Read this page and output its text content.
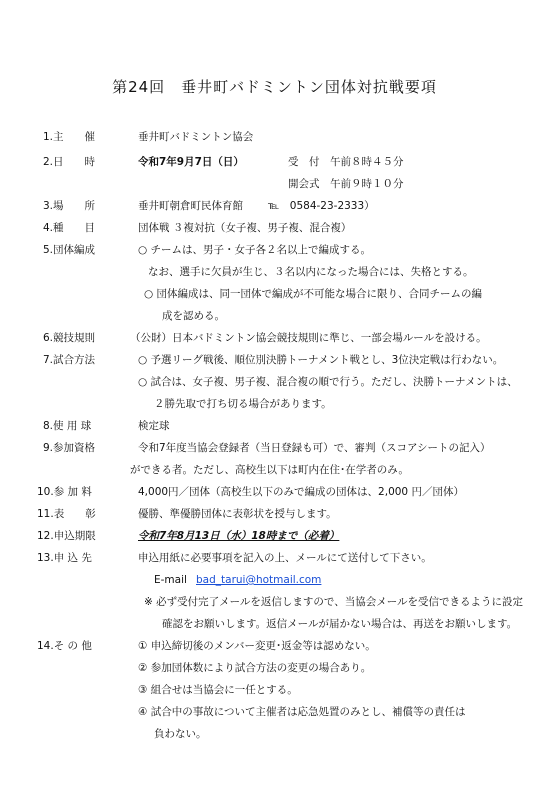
第24回　垂井町バドミントン団体対抗戦要項
1.主　　催	垂井町バドミントン協会
2.日　　時	令和7年9月7日（日）	受　付　午前８時４５分
開会式　午前９時１０分
3.場　　所	垂井町朝倉町民体育館 ℡　0584-23-2333）
4.種　　目	団体戦 ３複対抗（女子複、男子複、混合複）
5.団体編成	○ チームは、男子・女子各２名以上で編成する。
なお、選手に欠員が生じ、３名以内になった場合には、失格とする。
○ 団体編成は、同一団体で編成が不可能な場合に限り、合同チームの編
成を認める。
6.競技規則	（公財）日本バドミントン協会競技規則に準じ、一部会場ルールを設ける。
7.試合方法	○ 予選リーグ戦後、順位別決勝トーナメント戦とし、3位決定戦は行わない。
○ 試合は、女子複、男子複、混合複の順で行う。ただし、決勝トーナメントは、
２勝先取で打ち切る場合があります。
8.使 用 球	検定球
9.参加資格	令和7年度当協会登録者（当日登録も可）で、審判（スコアシートの記入）
ができる者。ただし、高校生以下は町内在住･在学者のみ。
10.参 加 料	4,000円／団体（高校生以下のみで編成の団体は、2,000 円／団体）
11.表　　彰	優勝、準優勝団体に表彰状を授与します。
12.申込期限	令和7年8月13日（水）18時まで（必着）
13.申 込 先	申込用紙に必要事項を記入の上、メールにて送付して下さい。
E-mail bad_tarui@hotmail.com
※ 必ず受付完了メールを返信しますので、当協会メールを受信できるように設定
確認をお願いします。返信メールが届かない場合は、再送をお願いします。
14.そ の 他	① 申込締切後のメンバー変更･返金等は認めない。
② 参加団体数により試合方法の変更の場合あり。
③ 組合せは当協会に一任とする。
④ 試合中の事故について主催者は応急処置のみとし、補償等の責任は
負わない。
